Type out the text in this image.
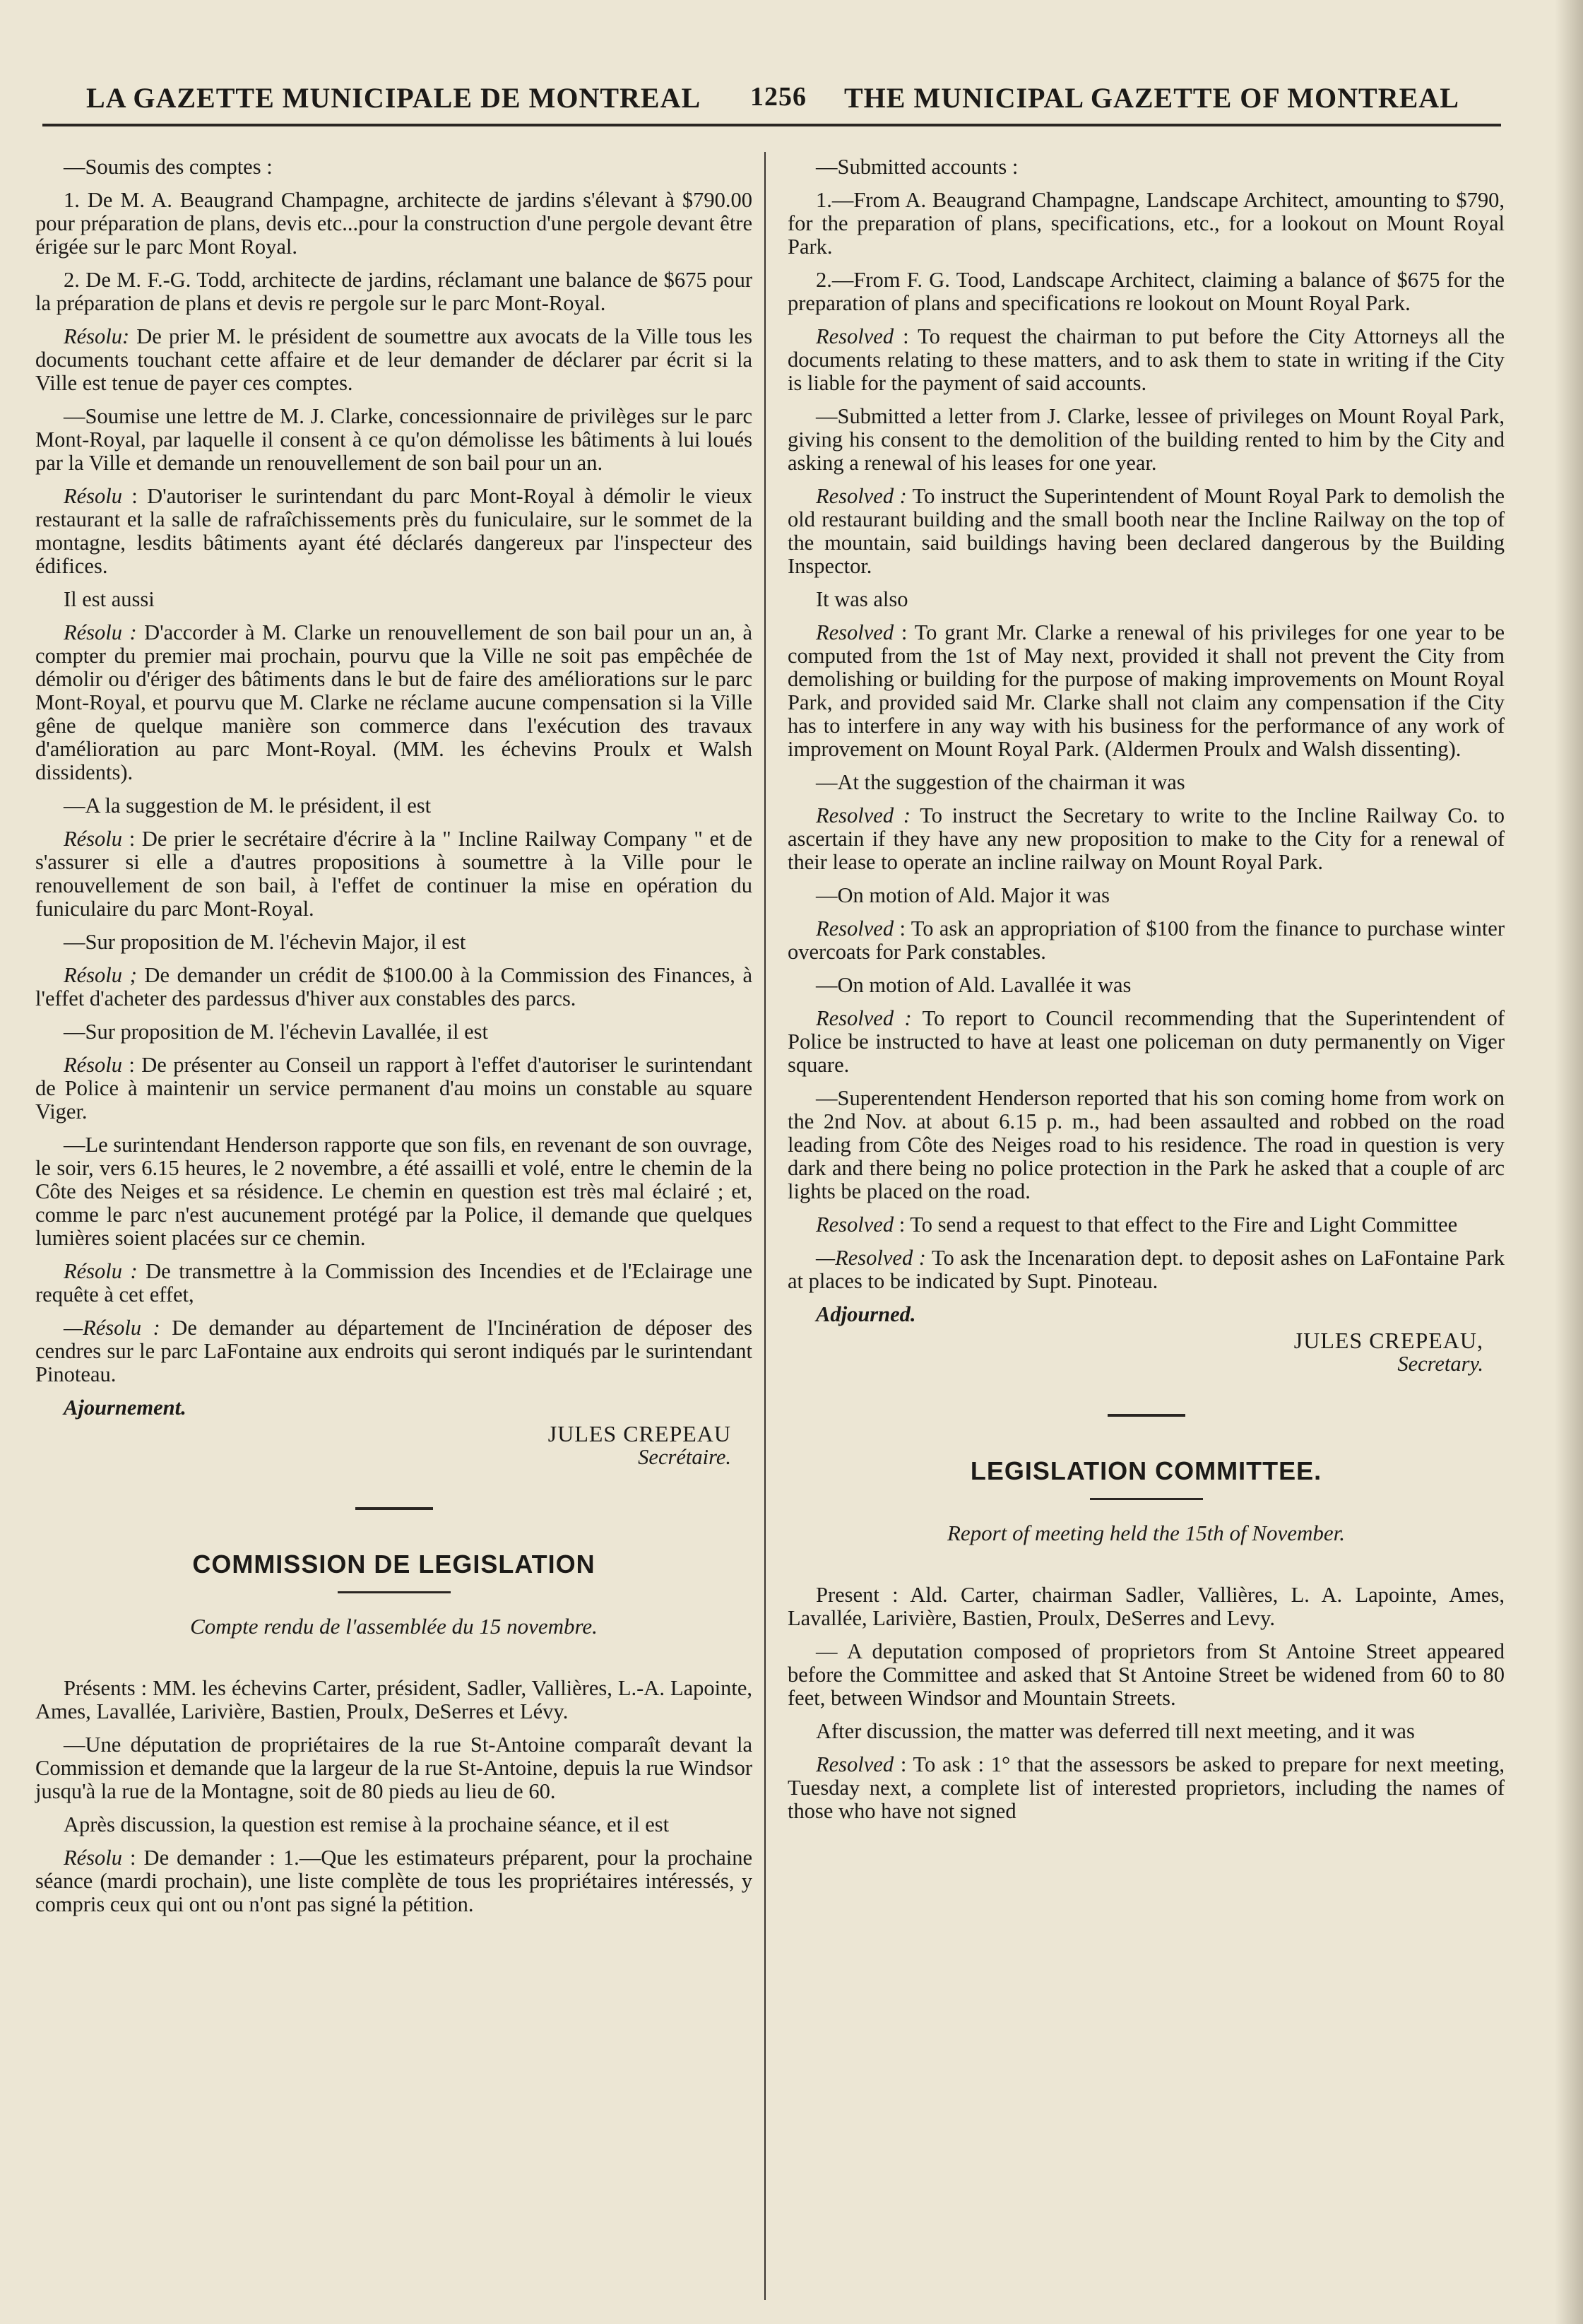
LA GAZETTE MUNICIPALE DE MONTREAL 1256 THE MUNICIPAL GAZETTE OF MONTREAL

—Soumis des comptes :

1. De M. A. Beaugrand Champagne, architecte de jardins s'élevant à $790.00 pour préparation de plans, devis etc...pour la construction d'une pergole devant être érigée sur le parc Mont Royal.

2. De M. F.-G. Todd, architecte de jardins, réclamant une balance de $675 pour la préparation de plans et devis re pergole sur le parc Mont-Royal.

Résolu: De prier M. le président de soumettre aux avocats de la Ville tous les documents touchant cette affaire et de leur demander de déclarer par écrit si la Ville est tenue de payer ces comptes.

—Soumise une lettre de M. J. Clarke, concessionnaire de privilèges sur le parc Mont-Royal, par laquelle il consent à ce qu'on démolisse les bâtiments à lui loués par la Ville et demande un renouvellement de son bail pour un an.

Résolu : D'autoriser le surintendant du parc Mont-Royal à démolir le vieux restaurant et la salle de rafraîchissements près du funiculaire, sur le sommet de la montagne, lesdits bâtiments ayant été déclarés dangereux par l'inspecteur des édifices.

Il est aussi

Résolu : D'accorder à M. Clarke un renouvellement de son bail pour un an, à compter du premier mai prochain, pourvu que la Ville ne soit pas empêchée de démolir ou d'ériger des bâtiments dans le but de faire des améliorations sur le parc Mont-Royal, et pourvu que M. Clarke ne réclame aucune compensation si la Ville gêne de quelque manière son commerce dans l'exécution des travaux d'amélioration au parc Mont-Royal. (MM. les échevins Proulx et Walsh dissidents).

—A la suggestion de M. le président, il est

Résolu : De prier le secrétaire d'écrire à la " Incline Railway Company " et de s'assurer si elle a d'autres propositions à soumettre à la Ville pour le renouvellement de son bail, à l'effet de continuer la mise en opération du funiculaire du parc Mont-Royal.

—Sur proposition de M. l'échevin Major, il est

Résolu ; De demander un crédit de $100.00 à la Commission des Finances, à l'effet d'acheter des pardessus d'hiver aux constables des parcs.

—Sur proposition de M. l'échevin Lavallée, il est

Résolu : De présenter au Conseil un rapport à l'effet d'autoriser le surintendant de Police à maintenir un service permanent d'au moins un constable au square Viger.

—Le surintendant Henderson rapporte que son fils, en revenant de son ouvrage, le soir, vers 6.15 heures, le 2 novembre, a été assailli et volé, entre le chemin de la Côte des Neiges et sa résidence. Le chemin en question est très mal éclairé ; et, comme le parc n'est aucunement protégé par la Police, il demande que quelques lumières soient placées sur ce chemin.

Résolu : De transmettre à la Commission des Incendies et de l'Eclairage une requête à cet effet,

—Résolu : De demander au département de l'Incinération de déposer des cendres sur le parc LaFontaine aux endroits qui seront indiqués par le surintendant Pinoteau.

Ajournement.
JULES CREPEAU
Secrétaire.
COMMISSION DE LEGISLATION
Compte rendu de l'assemblée du 15 novembre.

Présents : MM. les échevins Carter, président, Sadler, Vallières, L.-A. Lapointe, Ames, Lavallée, Larivière, Bastien, Proulx, DeSerres et Lévy.

—Une députation de propriétaires de la rue St-Antoine comparaît devant la Commission et demande que la largeur de la rue St-Antoine, depuis la rue Windsor jusqu'à la rue de la Montagne, soit de 80 pieds au lieu de 60.

Après discussion, la question est remise à la prochaine séance, et il est

Résolu : De demander : 1.—Que les estimateurs préparent, pour la prochaine séance (mardi prochain), une liste complète de tous les propriétaires intéressés, y compris ceux qui ont ou n'ont pas signé la pétition.

—Submitted accounts :

1.—From A. Beaugrand Champagne, Landscape Architect, amounting to $790, for the preparation of plans, specifications, etc., for a lookout on Mount Royal Park.

2.—From F. G. Tood, Landscape Architect, claiming a balance of $675 for the preparation of plans and specifications re lookout on Mount Royal Park.

Resolved : To request the chairman to put before the City Attorneys all the documents relating to these matters, and to ask them to state in writing if the City is liable for the payment of said accounts.

—Submitted a letter from J. Clarke, lessee of privileges on Mount Royal Park, giving his consent to the demolition of the building rented to him by the City and asking a renewal of his leases for one year.

Resolved : To instruct the Superintendent of Mount Royal Park to demolish the old restaurant building and the small booth near the Incline Railway on the top of the mountain, said buildings having been declared dangerous by the Building Inspector.

It was also

Resolved : To grant Mr. Clarke a renewal of his privileges for one year to be computed from the 1st of May next, provided it shall not prevent the City from demolishing or building for the purpose of making improvements on Mount Royal Park, and provided said Mr. Clarke shall not claim any compensation if the City has to interfere in any way with his business for the performance of any work of improvement on Mount Royal Park. (Aldermen Proulx and Walsh dissenting).

—At the suggestion of the chairman it was

Resolved : To instruct the Secretary to write to the Incline Railway Co. to ascertain if they have any new proposition to make to the City for a renewal of their lease to operate an incline railway on Mount Royal Park.

—On motion of Ald. Major it was

Resolved : To ask an appropriation of $100 from the finance to purchase winter overcoats for Park constables.

—On motion of Ald. Lavallée it was

Resolved : To report to Council recommending that the Superintendent of Police be instructed to have at least one policeman on duty permanently on Viger square.

—Superentendent Henderson reported that his son coming home from work on the 2nd Nov. at about 6.15 p. m., had been assaulted and robbed on the road leading from Côte des Neiges road to his residence. The road in question is very dark and there being no police protection in the Park he asked that a couple of arc lights be placed on the road.

Resolved : To send a request to that effect to the Fire and Light Committee

—Resolved : To ask the Incenaration dept. to deposit ashes on LaFontaine Park at places to be indicated by Supt. Pinoteau.

Adjourned.
JULES CREPEAU,
Secretary.
LEGISLATION COMMITTEE.
Report of meeting held the 15th of November.

Present : Ald. Carter, chairman Sadler, Vallières, L. A. Lapointe, Ames, Lavallée, Larivière, Bastien, Proulx, DeSerres and Levy.

— A deputation composed of proprietors from St Antoine Street appeared before the Committee and asked that St Antoine Street be widened from 60 to 80 feet, between Windsor and Mountain Streets.

After discussion, the matter was deferred till next meeting, and it was

Resolved : To ask : 1° that the assessors be asked to prepare for next meeting, Tuesday next, a complete list of interested proprietors, including the names of those who have not signed
